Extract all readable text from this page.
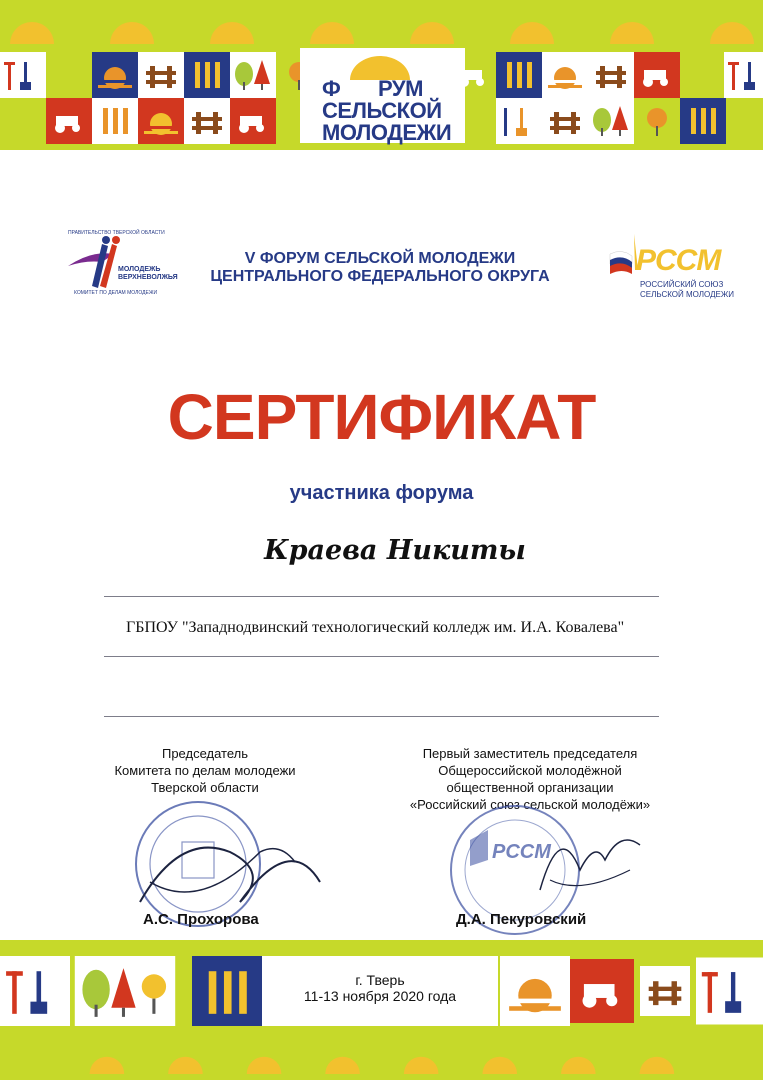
Ф РУМ
СЕЛЬСКОЙ
МОЛОДЕЖИ
ПРАВИТЕЛЬСТВО ТВЕРСКОЙ ОБЛАСТИ
МОЛОДЕЖЬ
ВЕРХНЕВОЛЖЬЯ
КОМИТЕТ ПО ДЕЛАМ МОЛОДЕЖИ
V ФОРУМ СЕЛЬСКОЙ МОЛОДЕЖИ
ЦЕНТРАЛЬНОГО ФЕДЕРАЛЬНОГО ОКРУГА	РССМ
РОССИЙСКИЙ СОЮЗ
СЕЛЬСКОЙ МОЛОДЕЖИ
СЕРТИФИКАТ
участника форума
Краева Никиты
ГБПОУ "Западнодвинский технологический колледж им. И.А. Ковалева"
Председатель
Комитета по делам молодежи
Тверской области
А.С. Прохорова
Первый заместитель председателя
Общероссийской молодёжной
общественной организации
«Российский союз сельской молодёжи»
РССМ
Д.А. Пекуровский
г. Тверь
11-13 ноября 2020 года
